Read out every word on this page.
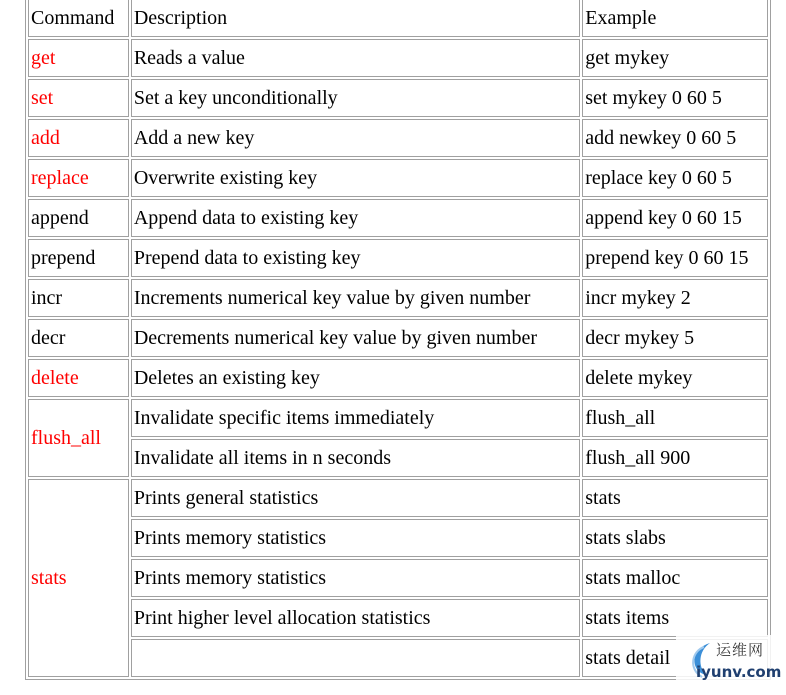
Command	Description	Example
get	Reads a value	get mykey
set	Set a key unconditionally	set mykey 0 60 5
add	Add a new key	add newkey 0 60 5
replace	Overwrite existing key	replace key 0 60 5
append	Append data to existing key	append key 0 60 15
prepend	Prepend data to existing key	prepend key 0 60 15
incr	Increments numerical key value by given number	incr mykey 2
decr	Decrements numerical key value by given number	decr mykey 5
delete	Deletes an existing key	delete mykey
flush_all	Invalidate specific items immediately	flush_all
	Invalidate all items in n seconds	flush_all 900
stats	Prints general statistics	stats
	Prints memory statistics	stats slabs
	Prints memory statistics	stats malloc
	Print higher level allocation statistics	stats items
		stats detail	运维网
iyunv.com
